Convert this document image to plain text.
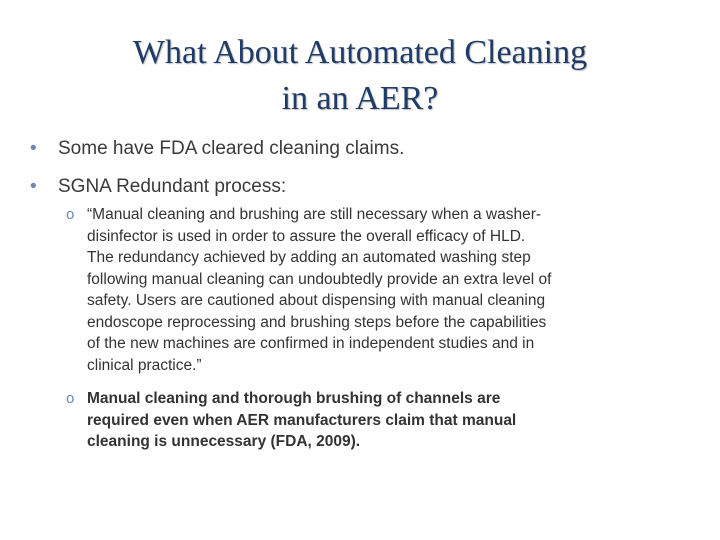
What About Automated Cleaning
in an AER?
•	Some have FDA cleared cleaning claims.
•	SGNA Redundant process:
o “Manual cleaning and brushing are still necessary when a washer-
disinfector is used in order to assure the overall efficacy of HLD.
The redundancy achieved by adding an automated washing step
following manual cleaning can undoubtedly provide an extra level of
safety. Users are cautioned about dispensing with manual cleaning
endoscope reprocessing and brushing steps before the capabilities
of the new machines are confirmed in independent studies and in
clinical practice.”
o Manual cleaning and thorough brushing of channels are
required even when AER manufacturers claim that manual
cleaning is unnecessary (FDA, 2009).
